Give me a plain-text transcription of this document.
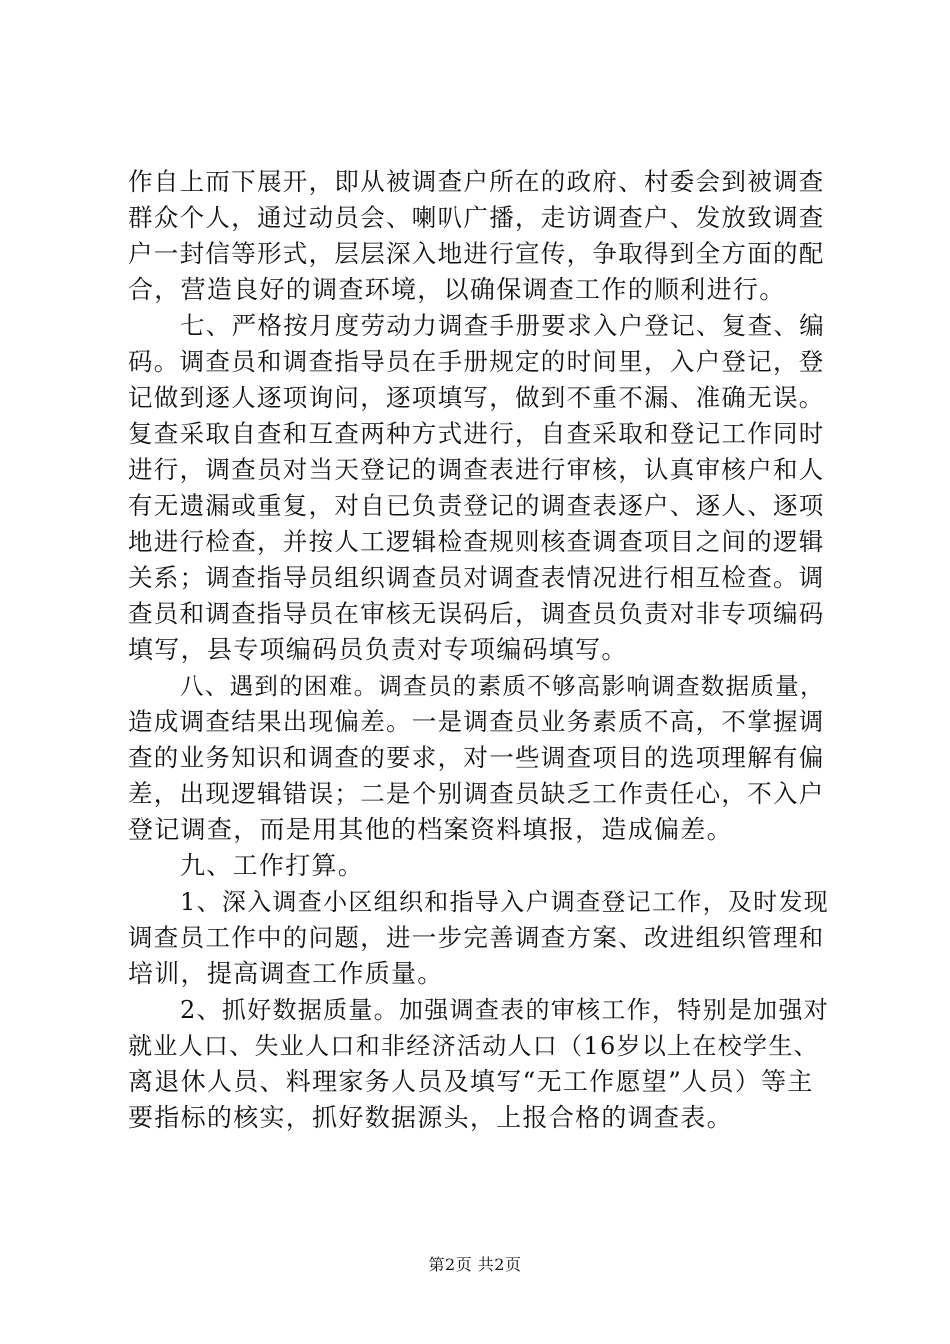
作自上而下展开，即从被调查户所在的政府、村委会到被调查
群众个人，通过动员会、喇叭广播，走访调查户、发放致调查
户一封信等形式，层层深入地进行宣传，争取得到全方面的配
合，营造良好的调查环境，以确保调查工作的顺利进行。
七、严格按月度劳动力调查手册要求入户登记、复查、编
码。调查员和调查指导员在手册规定的时间里，入户登记，登
记做到逐人逐项询问，逐项填写，做到不重不漏、准确无误。
复查采取自查和互查两种方式进行，自查采取和登记工作同时
进行，调查员对当天登记的调查表进行审核，认真审核户和人
有无遗漏或重复，对自已负责登记的调查表逐户、逐人、逐项
地进行检查，并按人工逻辑检查规则核查调查项目之间的逻辑
关系；调查指导员组织调查员对调查表情况进行相互检查。调
查员和调查指导员在审核无误码后，调查员负责对非专项编码
填写，县专项编码员负责对专项编码填写。
八、遇到的困难。调查员的素质不够高影响调查数据质量，
造成调查结果出现偏差。一是调查员业务素质不高，不掌握调
查的业务知识和调查的要求，对一些调查项目的选项理解有偏
差，出现逻辑错误；二是个别调查员缺乏工作责任心，不入户
登记调查，而是用其他的档案资料填报，造成偏差。
九、工作打算。
1、深入调查小区组织和指导入户调查登记工作，及时发现
调查员工作中的问题，进一步完善调查方案、改进组织管理和
培训，提高调查工作质量。
2、抓好数据质量。加强调查表的审核工作，特别是加强对
就业人口、失业人口和非经济活动人口（16岁以上在校学生、
离退休人员、料理家务人员及填写“无工作愿望”人员）等主
要指标的核实，抓好数据源头，上报合格的调查表。
第2页 共2页
